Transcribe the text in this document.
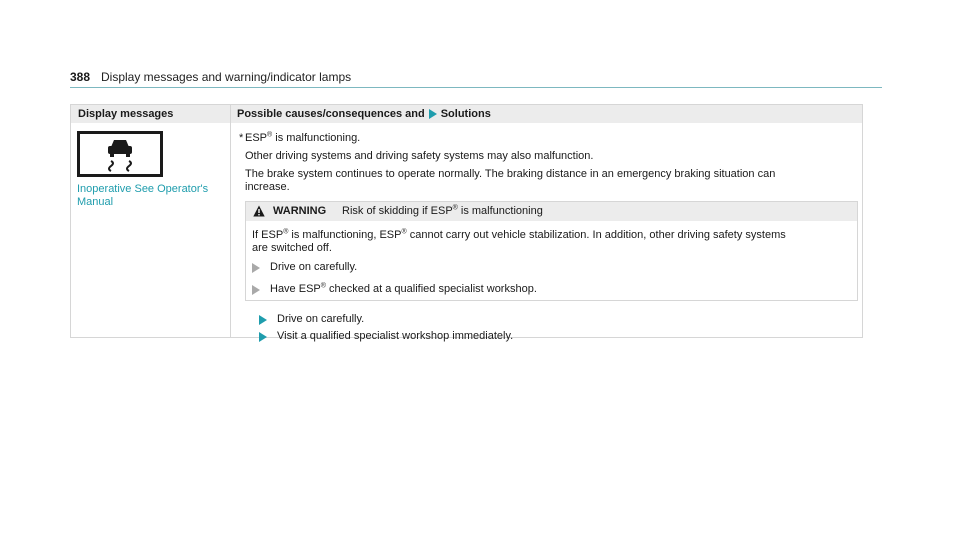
388 Display messages and warning/indicator lamps
Display messages	Possible causes/consequences and Solutions
Inoperative See Operator's Manual
* ESP® is malfunctioning.
Other driving systems and driving safety systems may also malfunction.
The brake system continues to operate normally. The braking distance in an emergency braking situation can
increase.
WARNING Risk of skidding if ESP® is malfunctioning
If ESP® is malfunctioning, ESP® cannot carry out vehicle stabilization. In addition, other driving safety systems
are switched off.
Drive on carefully.
Have ESP® checked at a qualified specialist workshop.
Drive on carefully.
Visit a qualified specialist workshop immediately.
